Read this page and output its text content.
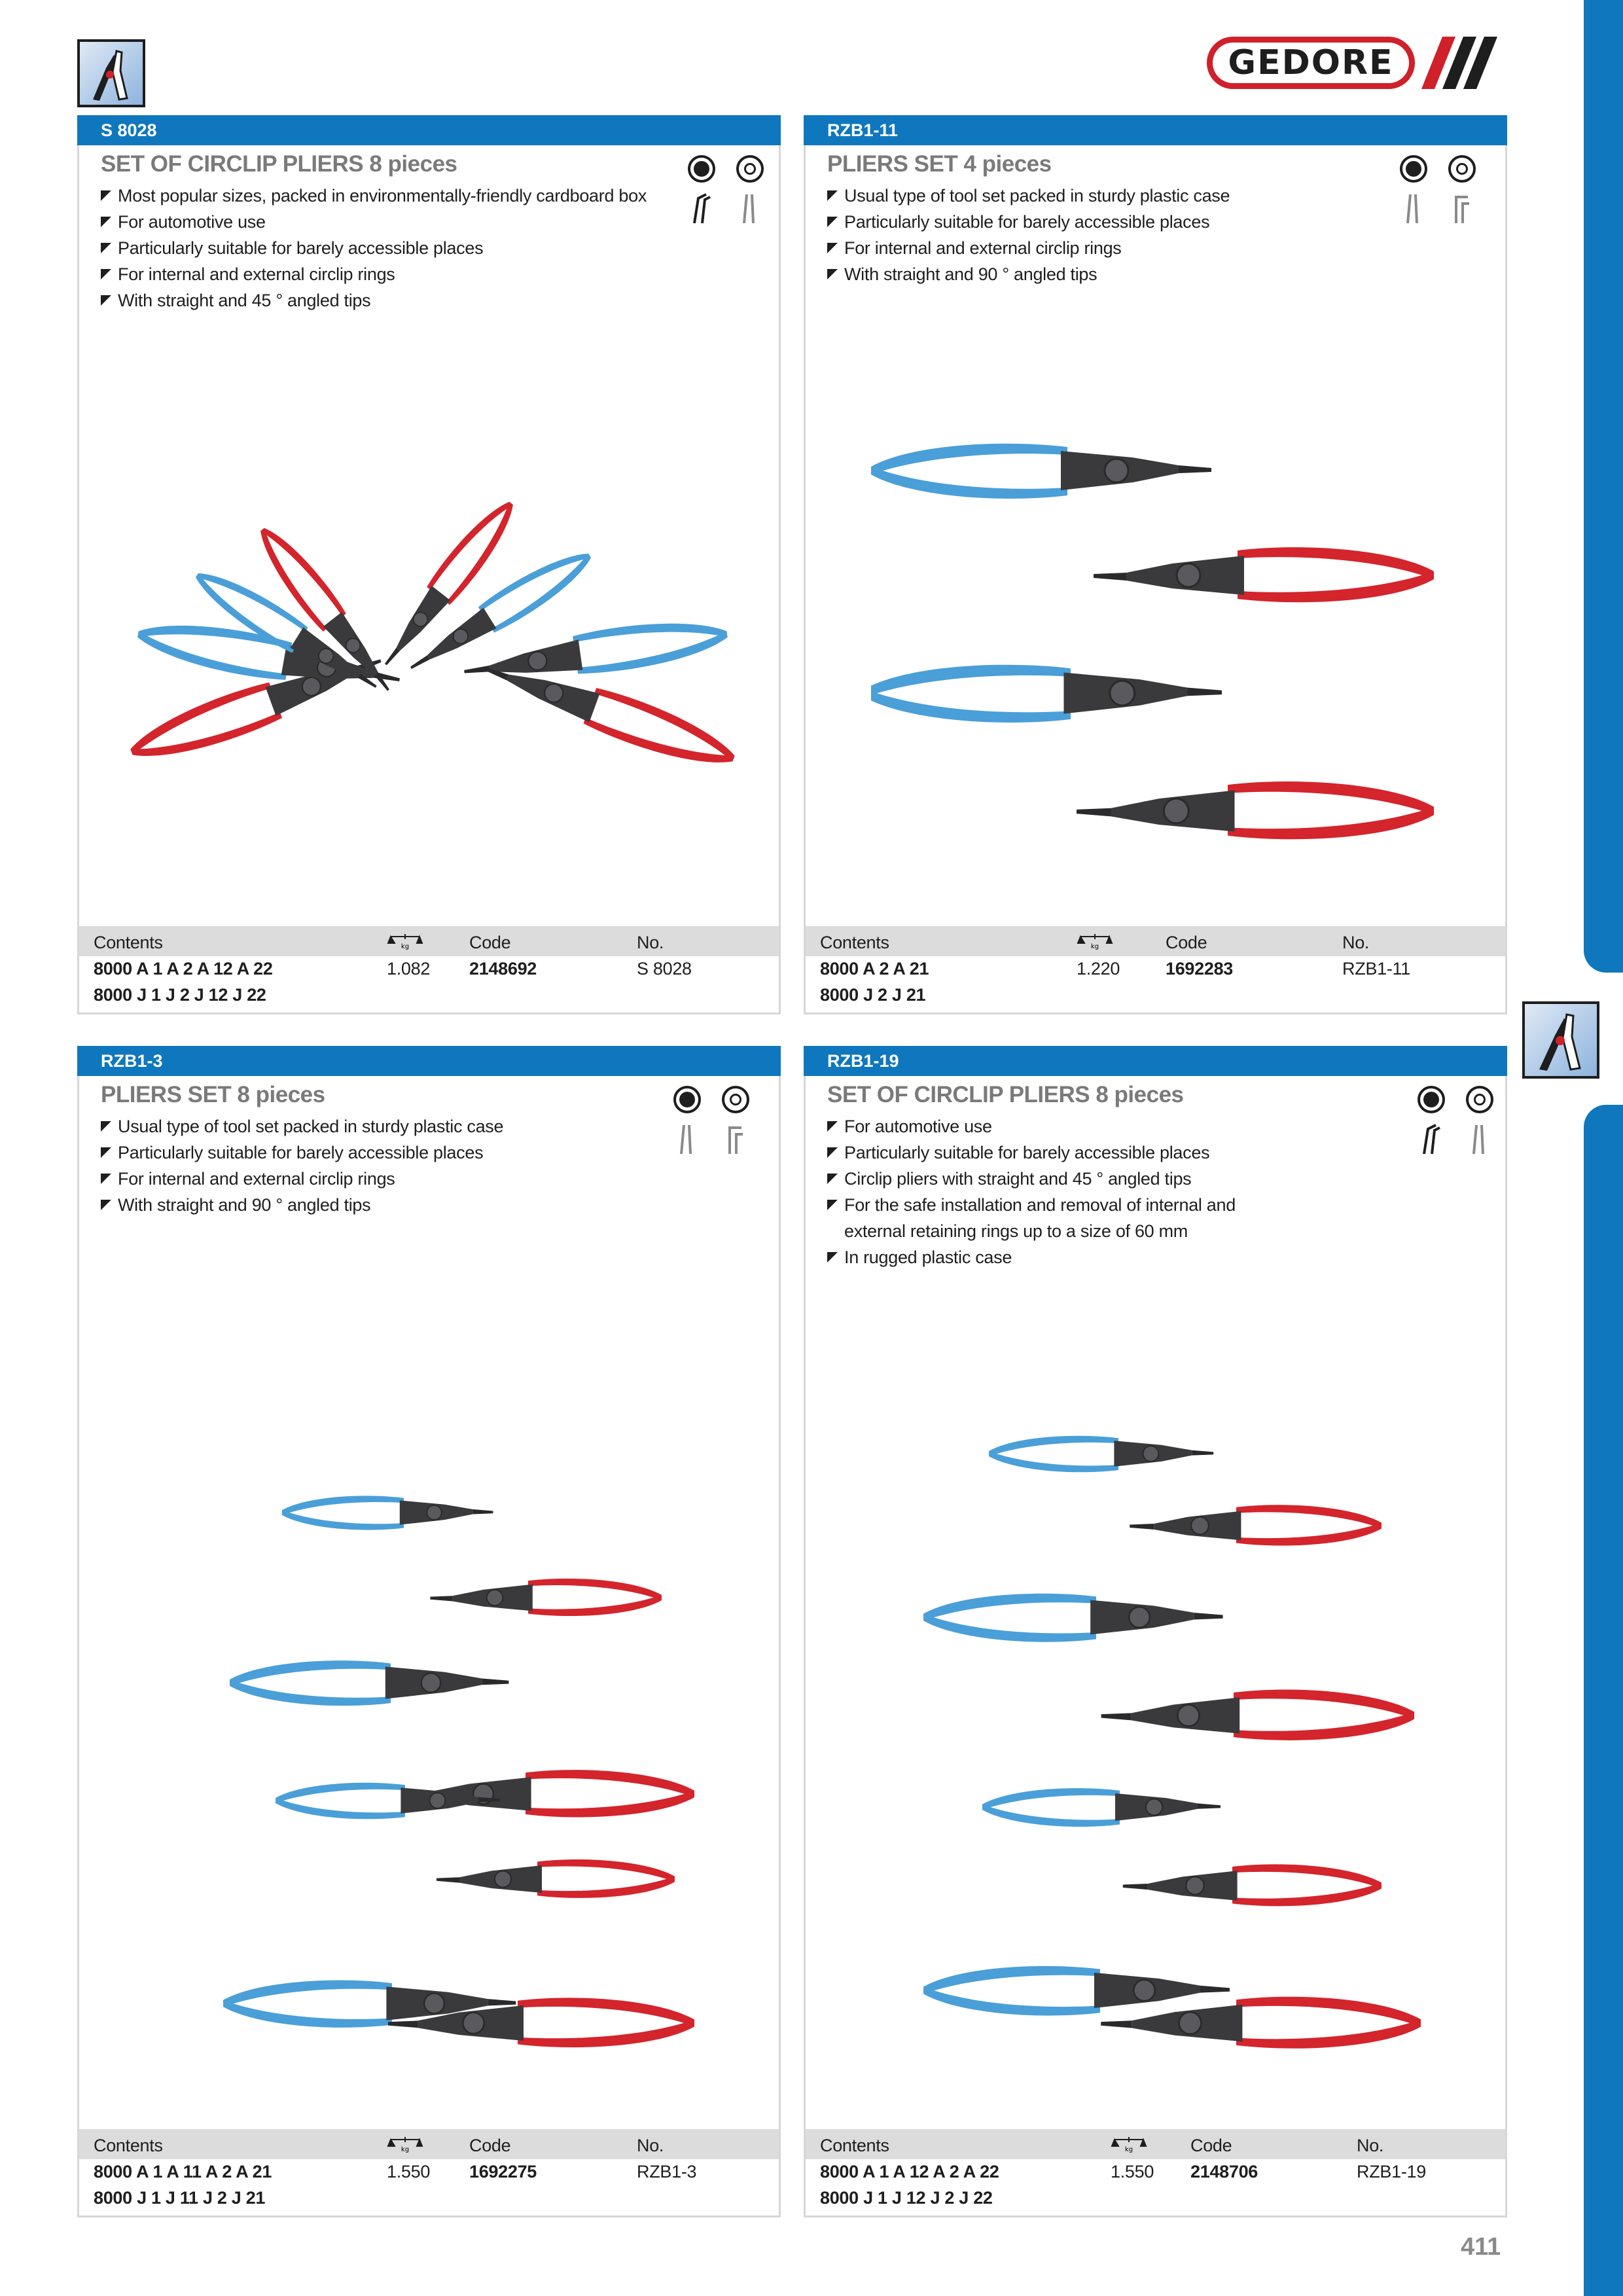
GEDORE
S 8028
SET OF CIRCLIP PLIERS 8 pieces
Most popular sizes, packed in environmentally-friendly cardboard box
For automotive use
Particularly suitable for barely accessible places
For internal and external circlip rings
With straight and 45 ° angled tips
Contents	kg	Code	No.
8000 A 1 A 2 A 12 A 22	1.082 2148692	S 8028
8000 J 1 J 2 J 12 J 22
RZB1-11
PLIERS SET 4 pieces
Usual type of tool set packed in sturdy plastic case
Particularly suitable for barely accessible places
For internal and external circlip rings
With straight and 90 ° angled tips
Contents	kg	Code	No.
8000 A 2 A 21	1.220	1692283	RZB1-11
8000 J 2 J 21
RZB1-3
PLIERS SET 8 pieces
Usual type of tool set packed in sturdy plastic case
Particularly suitable for barely accessible places
For internal and external circlip rings
With straight and 90 ° angled tips
Contents	kg	Code	No.
8000 A 1 A 11 A 2 A 21	1.550 1692275	RZB1-3
8000 J 1 J 11 J 2 J 21
RZB1-19
SET OF CIRCLIP PLIERS 8 pieces
For automotive use
Particularly suitable for barely accessible places
Circlip pliers with straight and 45 ° angled tips
For the safe installation and removal of internal and external retaining rings up to a size of 60 mm
In rugged plastic case
Contents	kg	Code	No.
8000 A 1 A 12 A 2 A 22	1.550 2148706	RZB1-19
8000 J 1 J 12 J 2 J 22
411
